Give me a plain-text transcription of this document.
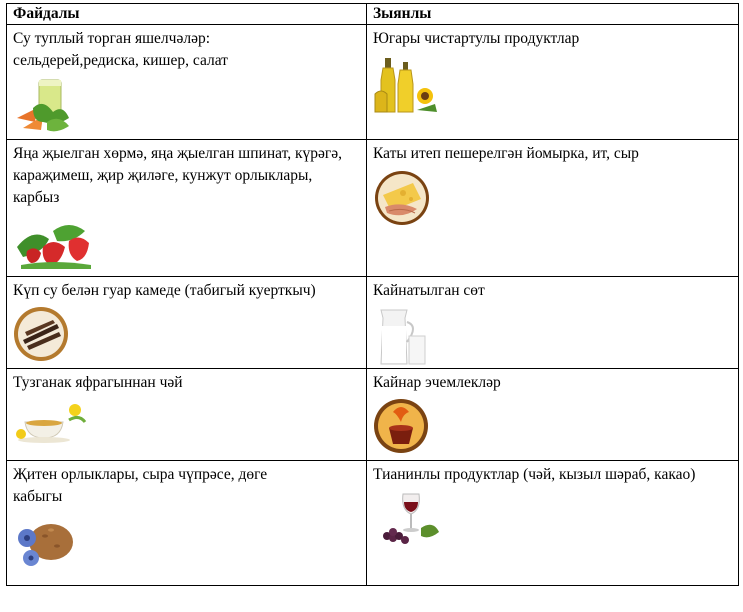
Файдалы	Зыянлы

Су туплый торган яшелчәләр: сельдерей,редиска, кишер, салат	Югары чистартулы продуктлар

Яңа җыелган хөрмә, яңа җыелган шпинат, күрәгә, караҗимеш, җир җиләге, кунжут орлыклары, карбыз	Каты итеп пешерелгән йомырка, ит, сыр

Күп су белән гуар камеде (табигый куерткыч)	Кайнатылган сөт

Тузганак яфрагыннан чәй	Кайнар эчемлекләр

Җитен орлыклары, сыра чүпрәсе, дөге кабыгы	Тианинлы продуктлар (чәй, кызыл шәраб, какао)
